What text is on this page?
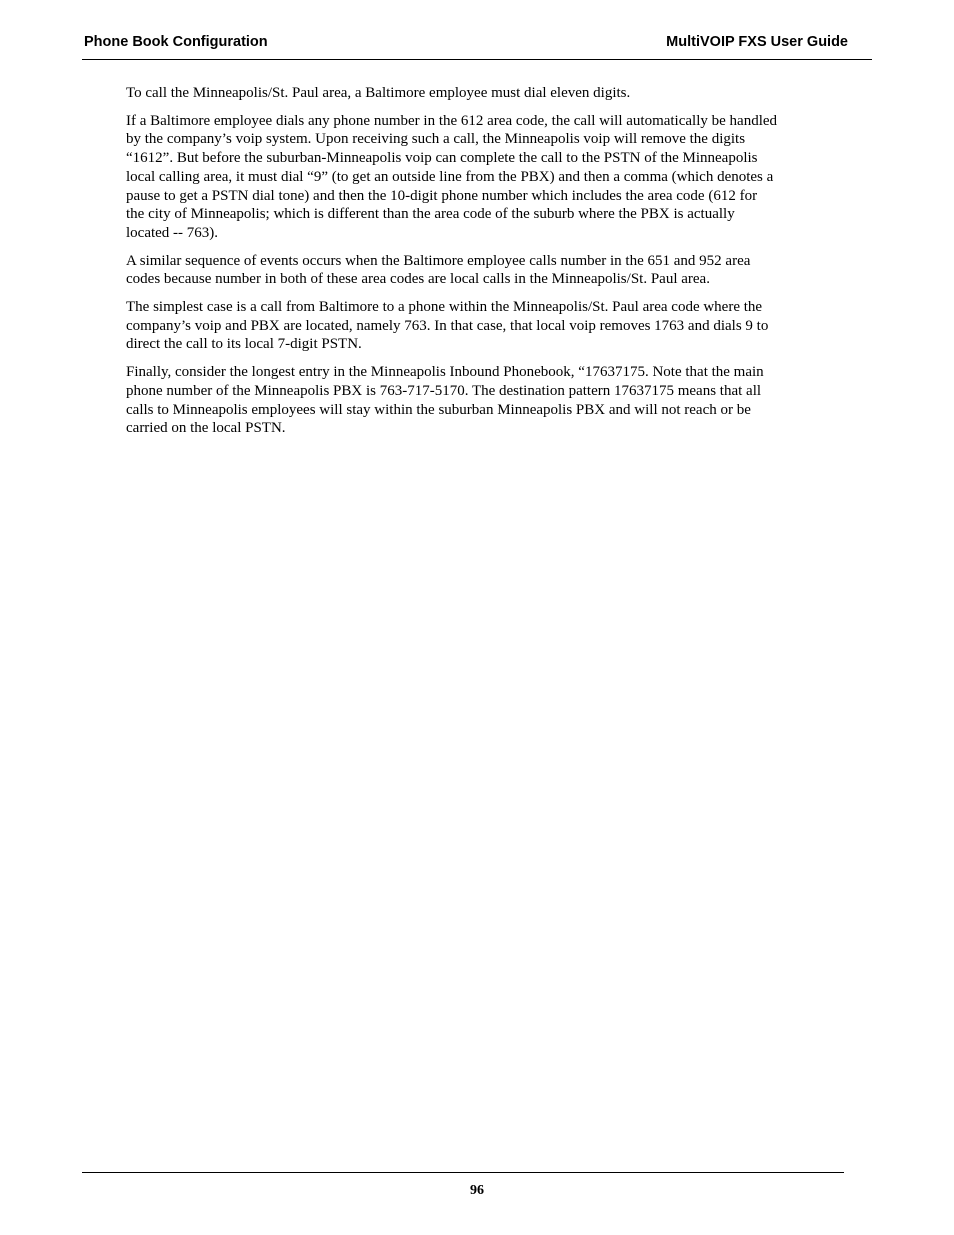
Phone Book Configuration	MultiVOIP FXS User Guide

To call the Minneapolis/St. Paul area, a Baltimore employee must dial eleven digits.

If a Baltimore employee dials any phone number in the 612 area code, the call will automatically be handled
by the company’s voip system. Upon receiving such a call, the Minneapolis voip will remove the digits
“1612”. But before the suburban-Minneapolis voip can complete the call to the PSTN of the Minneapolis
local calling area, it must dial “9” (to get an outside line from the PBX) and then a comma (which denotes a
pause to get a PSTN dial tone) and then the 10-digit phone number which includes the area code (612 for
the city of Minneapolis; which is different than the area code of the suburb where the PBX is actually
located -- 763).

A similar sequence of events occurs when the Baltimore employee calls number in the 651 and 952 area
codes because number in both of these area codes are local calls in the Minneapolis/St. Paul area.

The simplest case is a call from Baltimore to a phone within the Minneapolis/St. Paul area code where the
company’s voip and PBX are located, namely 763. In that case, that local voip removes 1763 and dials 9 to
direct the call to its local 7-digit PSTN.

Finally, consider the longest entry in the Minneapolis Inbound Phonebook, “17637175. Note that the main
phone number of the Minneapolis PBX is 763-717-5170. The destination pattern 17637175 means that all
calls to Minneapolis employees will stay within the suburban Minneapolis PBX and will not reach or be
carried on the local PSTN.

96
